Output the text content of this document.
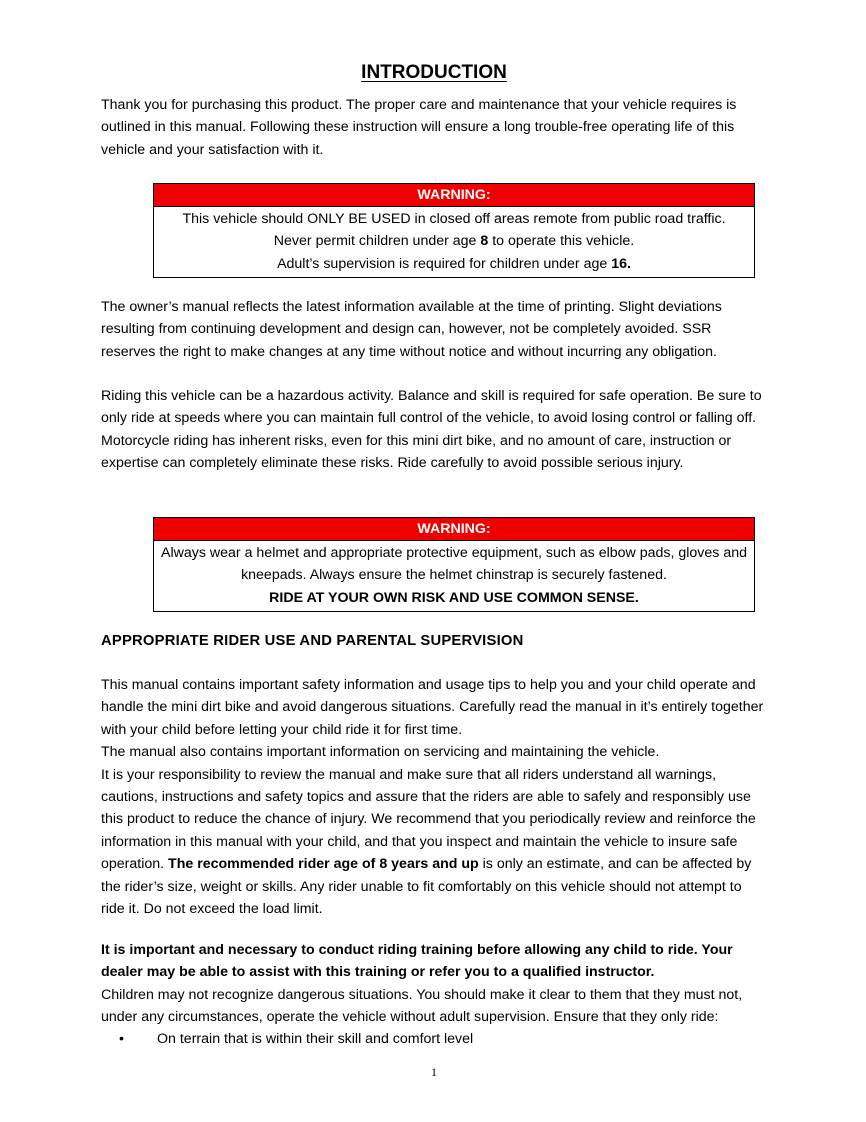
INTRODUCTION

Thank you for purchasing this product. The proper care and maintenance that your vehicle requires is outlined in this manual. Following these instruction will ensure a long trouble-free operating life of this vehicle and your satisfaction with it.

WARNING:
This vehicle should ONLY BE USED in closed off areas remote from public road traffic.
Never permit children under age 8 to operate this vehicle.
Adult’s supervision is required for children under age 16.

The owner’s manual reflects the latest information available at the time of printing. Slight deviations resulting from continuing development and design can, however, not be completely avoided. SSR reserves the right to make changes at any time without notice and without incurring any obligation.

Riding this vehicle can be a hazardous activity. Balance and skill is required for safe operation. Be sure to only ride at speeds where you can maintain full control of the vehicle, to avoid losing control or falling off. Motorcycle riding has inherent risks, even for this mini dirt bike, and no amount of care, instruction or expertise can completely eliminate these risks. Ride carefully to avoid possible serious injury.

WARNING:
Always wear a helmet and appropriate protective equipment, such as elbow pads, gloves and kneepads. Always ensure the helmet chinstrap is securely fastened.
RIDE AT YOUR OWN RISK AND USE COMMON SENSE.
APPROPRIATE RIDER USE AND PARENTAL SUPERVISION
This manual contains important safety information and usage tips to help you and your child operate and handle the mini dirt bike and avoid dangerous situations. Carefully read the manual in it’s entirely together with your child before letting your child ride it for first time.
The manual also contains important information on servicing and maintaining the vehicle.
It is your responsibility to review the manual and make sure that all riders understand all warnings, cautions, instructions and safety topics and assure that the riders are able to safely and responsibly use this product to reduce the chance of injury. We recommend that you periodically review and reinforce the information in this manual with your child, and that you inspect and maintain the vehicle to insure safe operation. The recommended rider age of 8 years and up is only an estimate, and can be affected by the rider’s size, weight or skills. Any rider unable to fit comfortably on this vehicle should not attempt to ride it. Do not exceed the load limit.
It is important and necessary to conduct riding training before allowing any child to ride. Your dealer may be able to assist with this training or refer you to a qualified instructor.
Children may not recognize dangerous situations. You should make it clear to them that they must not, under any circumstances, operate the vehicle without adult supervision. Ensure that they only ride:
• On terrain that is within their skill and comfort level
1
